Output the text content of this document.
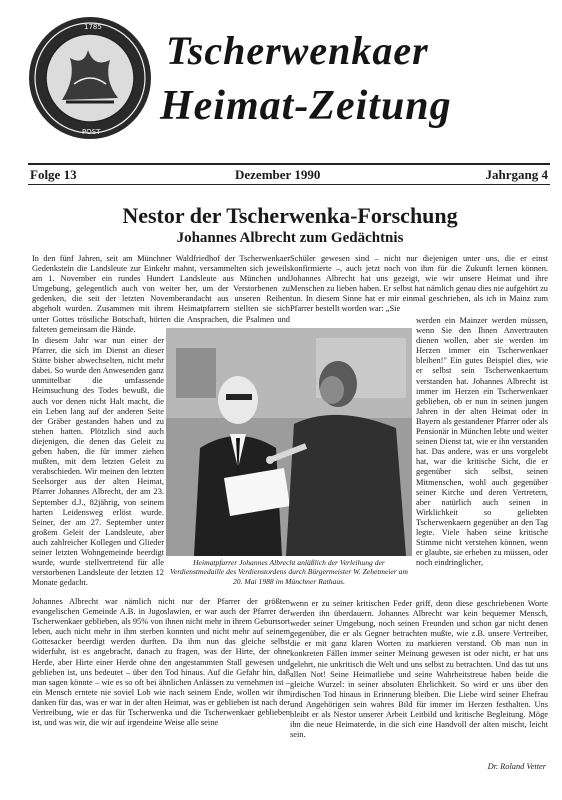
1785
POST
Tscherwenkaer
Heimat-Zeitung
Folge 13	Dezember 1990	Jahrgang 4
Nestor der Tscherwenka-Forschung
Johannes Albrecht zum Gedächtnis
In den fünf Jahren, seit am Münchner Waldfriedhof der Tscherwenkaer Gedenkstein die Landsleute zur Einkehr mahnt, versammelten sich jeweils am 1. November ein rundes Hundert Landsleute aus München und Umgebung, gelegentlich auch von weiter her, um der Verstorbenen zu gedenken, die seit der letzten Novemberandacht aus unseren Reihen abgeholt wurden. Zusammen mit ihrem Heimatpfarrern stellten sie sich unter Gottes tröstliche Botschaft, hörten die Ansprachen, die Psalmen und falteten gemeinsam die Hände.
In diesem Jahr war nun einer der Pfarrer, die sich im Dienst an dieser Stätte bisher abwechselten, nicht mehr dabei. So wurde den Anwesenden ganz unmittelbar die umfassende Heimsuchung des Todes bewußt, die auch vor denen nicht Halt macht, die ein Leben lang auf der anderen Seite der Gräber gestanden haben und zu stehen hatten. Plötzlich sind auch diejenigen, die denen das Geleit zu geben haben, die für immer ziehen mußten, mit dem letzten Geleit zu verabschieden. Wir meinen den letzten Seelsorger aus der alten Heimat, Pfarrer Johannes Albrecht, der am 23. September d.J., 82jährig, von seinem harten Leidensweg erlöst wurde. Seiner, der am 27. September unter großem Geleit der Landsleute, aber auch zahlreicher Kollegen und Glieder seiner letzten Wohngemeinde beerdigt wurde, wurde stellvertretend für alle verstorbenen Landsleute der letzten 12 Monate gedacht.
Johannes Albrecht war nämlich nicht nur der Pfarrer der größten evangelischen Gemeinde A.B. in Jugoslawien, er war auch der Pfarrer der Tscherwenkaer geblieben, als 95% von ihnen nicht mehr in ihrem Geburtsort leben, auch nicht mehr in ihm sterben konnten und nicht mehr auf seinem Gottesacker beerdigt werden durften. Da ihm nun das gleiche selbst widerfuhr, ist es angebracht, danach zu fragen, was der Hirte, der ohne Herde, aber Hirte einer Herde ohne den angestammten Stall gewesen und geblieben ist, uns bedeutet – über den Tod hinaus. Auf die Gefahr hin, daß man sagen könnte – wie es so oft bei ähnlichen Anlässen zu vernehmen ist – ein Mensch erntete nie soviel Lob wie nach seinem Ende, wollen wir ihm danken für das, was er war in der alten Heimat, was er geblieben ist nach der Vertreibung, wie er das für Tscherwenka und die Tscherwenkaer geblieben ist, und was wir, die wir auf irgendeine Weise alle seine
Schüler gewesen sind – nicht nur diejenigen unter uns, die er einst konfirmierte –, auch jetzt noch von ihm für die Zukunft lernen können. Johannes Albrecht hat uns gezeigt, wie wir unsere Heimat und ihre Menschen zu lieben haben. Er selbst hat nämlich genau dies nie aufgehört zu tun. In diesem Sinne hat er mir einmal geschrieben, als ich in Mainz zum Pfarrer bestellt worden war: „Sie
werden ein Mainzer werden müssen, wenn Sie den Ihnen Anvertrauten dienen wollen, aber sie werden im Herzen immer ein Tscherwenkaer bleiben!" Ein gutes Beispiel dies, wie er selbst sein Tscherwenkaertum verstanden hat. Johannes Albrecht ist immer im Herzen ein Tscherwenkaer geblieben, ob er nun in seinen jungen Jahren in der alten Heimat oder in Bayern als gestandener Pfarrer oder als Pensionär in München lebte und weiter seinen Dienst tat, wie er ihn verstanden hat. Das andere, was er uns vorgelebt hat, war die kritische Sicht, die er gegenüber sich selbst, seinen Mitmenschen, wohl auch gegenüber seiner Kirche und deren Vertretern, aber natürlich auch seinen in Wirklichkeit so geliebten Tscherwenkaern gegenüber an den Tag legte. Viele haben seine kritische Stimme nicht verstehen können, wenn er glaubte, sie erheben zu müssen, oder noch eindringlicher,
wenn er zu seiner kritischen Feder griff, denn diese geschriebenen Worte werden ihn überdauern. Johannes Albrecht war kein bequemer Mensch, weder seiner Umgebung, noch seinen Freunden und schon gar nicht denen gegenüber, die er als Gegner betrachten mußte, wie z.B. unsere Vertreiber, die er mit ganz klaren Worten zu markieren verstand. Ob man nun in konkreten Fällen immer seiner Meinung gewesen ist oder nicht, er hat uns gelehrt, nie unkritisch die Welt und uns selbst zu betrachten. Und das tut uns allen Not! Seine Heimatliebe und seine Wahrheitstreue haben beide die gleiche Wurzel: in seiner absoluten Ehrlichkeit. So wird er uns über den irdischen Tod hinaus in Erinnerung bleiben. Die Liebe wird seiner Ehefrau und Angehörigen sein wahres Bild für immer im Herzen festhalten. Uns bleibt er als Nestor unserer Arbeit Leitbild und kritische Begleitung. Möge ihn die neue Heimaterde, in die sich eine Handvoll der alten mischt, leicht sein.
Dr. Roland Vetter
Heimatpfarrer Johannes Albrecht anläßlich der Verleihung der Verdienstmedaille des Verdienstordens durch Bürgermeister W. Zehetmeier am 20. Mai 1988 im Münchner Rathaus.
